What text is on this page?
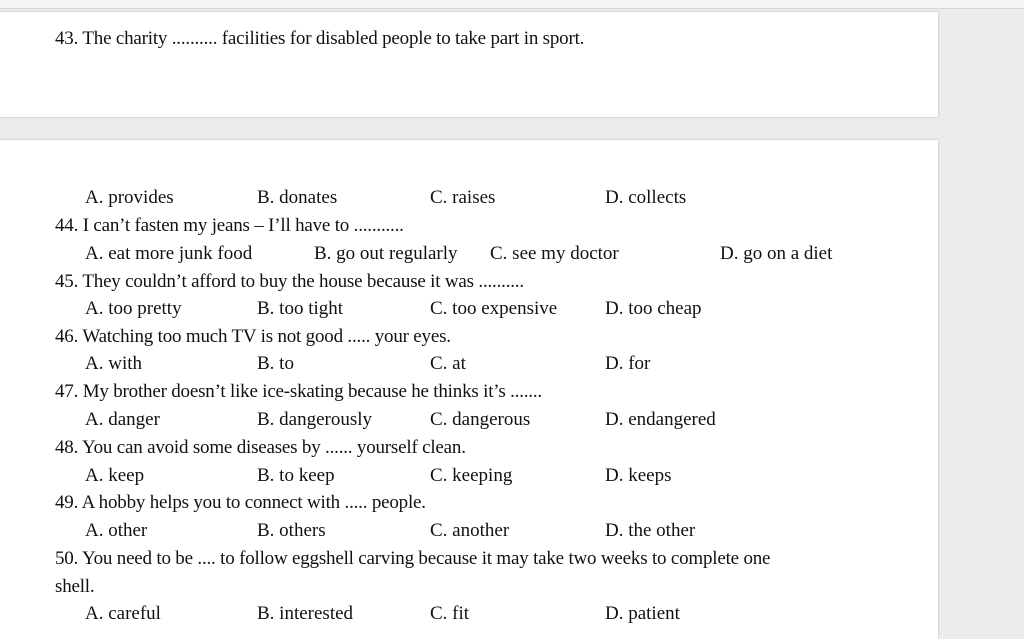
43. The charity .......... facilities for disabled people to take part in sport.
A. provides	B. donates	C. raises	D. collects
44. I can’t fasten my jeans – I’ll have to ...........
A. eat more junk food	B. go out regularly C. see my doctor	D. go on a diet
45. They couldn’t afford to buy the house because it was ..........
A. too pretty	B. too tight	C. too expensive	D. too cheap
46. Watching too much TV is not good ..... your eyes.
A. with	B. to	C. at	D. for
47. My brother doesn’t like ice-skating because he thinks it’s .......
A. danger	B. dangerously	C. dangerous	D. endangered
48. You can avoid some diseases by ...... yourself clean.
A. keep	B. to keep	C. keeping	D. keeps
49. A hobby helps you to connect with ..... people.
A. other	B. others	C. another	D. the other
50. You need to be .... to follow eggshell carving because it may take two weeks to complete one
shell.
A. careful	B. interested	C. fit	D. patient
